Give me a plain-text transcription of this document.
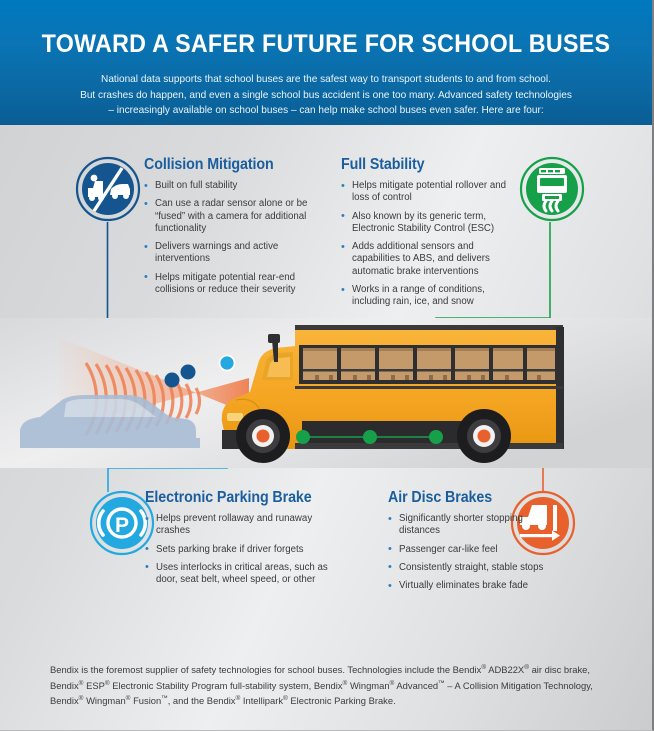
TOWARD A SAFER FUTURE FOR SCHOOL BUSES
National data supports that school buses are the safest way to transport students to and from school.
But crashes do happen, and even a single school bus accident is one too many. Advanced safety technologies
– increasingly available on school buses – can help make school buses even safer. Here are four:
P
Collision Mitigation
• Built on full stability
• Can use a radar sensor alone or be “fused” with a camera for additional functionality
• Delivers warnings and active interventions
• Helps mitigate potential rear-end collisions or reduce their severity
Full Stability
• Helps mitigate potential rollover and loss of control
• Also known by its generic term, Electronic Stability Control (ESC)
• Adds additional sensors and capabilities to ABS, and delivers automatic brake interventions
• Works in a range of conditions, including rain, ice, and snow
Electronic Parking Brake
• Helps prevent rollaway and runaway crashes
• Sets parking brake if driver forgets
• Uses interlocks in critical areas, such as door, seat belt, wheel speed, or other
Air Disc Brakes
• Significantly shorter stopping distances
• Passenger car-like feel
• Consistently straight, stable stops
• Virtually eliminates brake fade
Bendix is the foremost supplier of safety technologies for school buses. Technologies include the Bendix® ADB22X® air disc brake, Bendix® ESP® Electronic Stability Program full-stability system, Bendix® Wingman® Advanced™ – A Collision Mitigation Technology, Bendix® Wingman® Fusion™, and the Bendix® Intellipark® Electronic Parking Brake.
